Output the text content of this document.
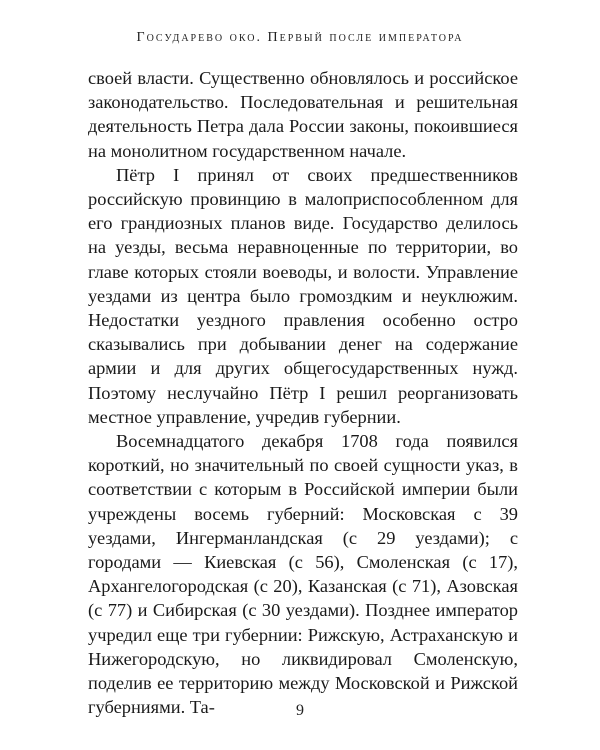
Государево око. Первый после императора

своей власти. Существенно обновлялось и российское законодательство. Последовательная и решительная деятельность Петра дала России законы, покоившиеся на монолитном государственном начале.

Пётр I принял от своих предшественников российскую провинцию в малоприспособленном для его грандиозных планов виде. Государство делилось на уезды, весьма неравноценные по территории, во главе которых стояли воеводы, и волости. Управление уездами из центра было громоздким и неуклюжим. Недостатки уездного правления особенно остро сказывались при добывании денег на содержание армии и для других общегосударственных нужд. Поэтому неслучайно Пётр I решил реорганизовать местное управление, учредив губернии.

Восемнадцатого декабря 1708 года появился короткий, но значительный по своей сущности указ, в соответствии с которым в Российской империи были учреждены восемь губерний: Московская с 39 уездами, Ингерманландская (с 29 уездами); с городами — Киевская (с 56), Смоленская (с 17), Архангелогородская (с 20), Казанская (с 71), Азовская (с 77) и Сибирская (с 30 уездами). Позднее император учредил еще три губернии: Рижскую, Астраханскую и Нижегородскую, но ликвидировал Смоленскую, поделив ее территорию между Московской и Рижской губерниями. Та-	9
